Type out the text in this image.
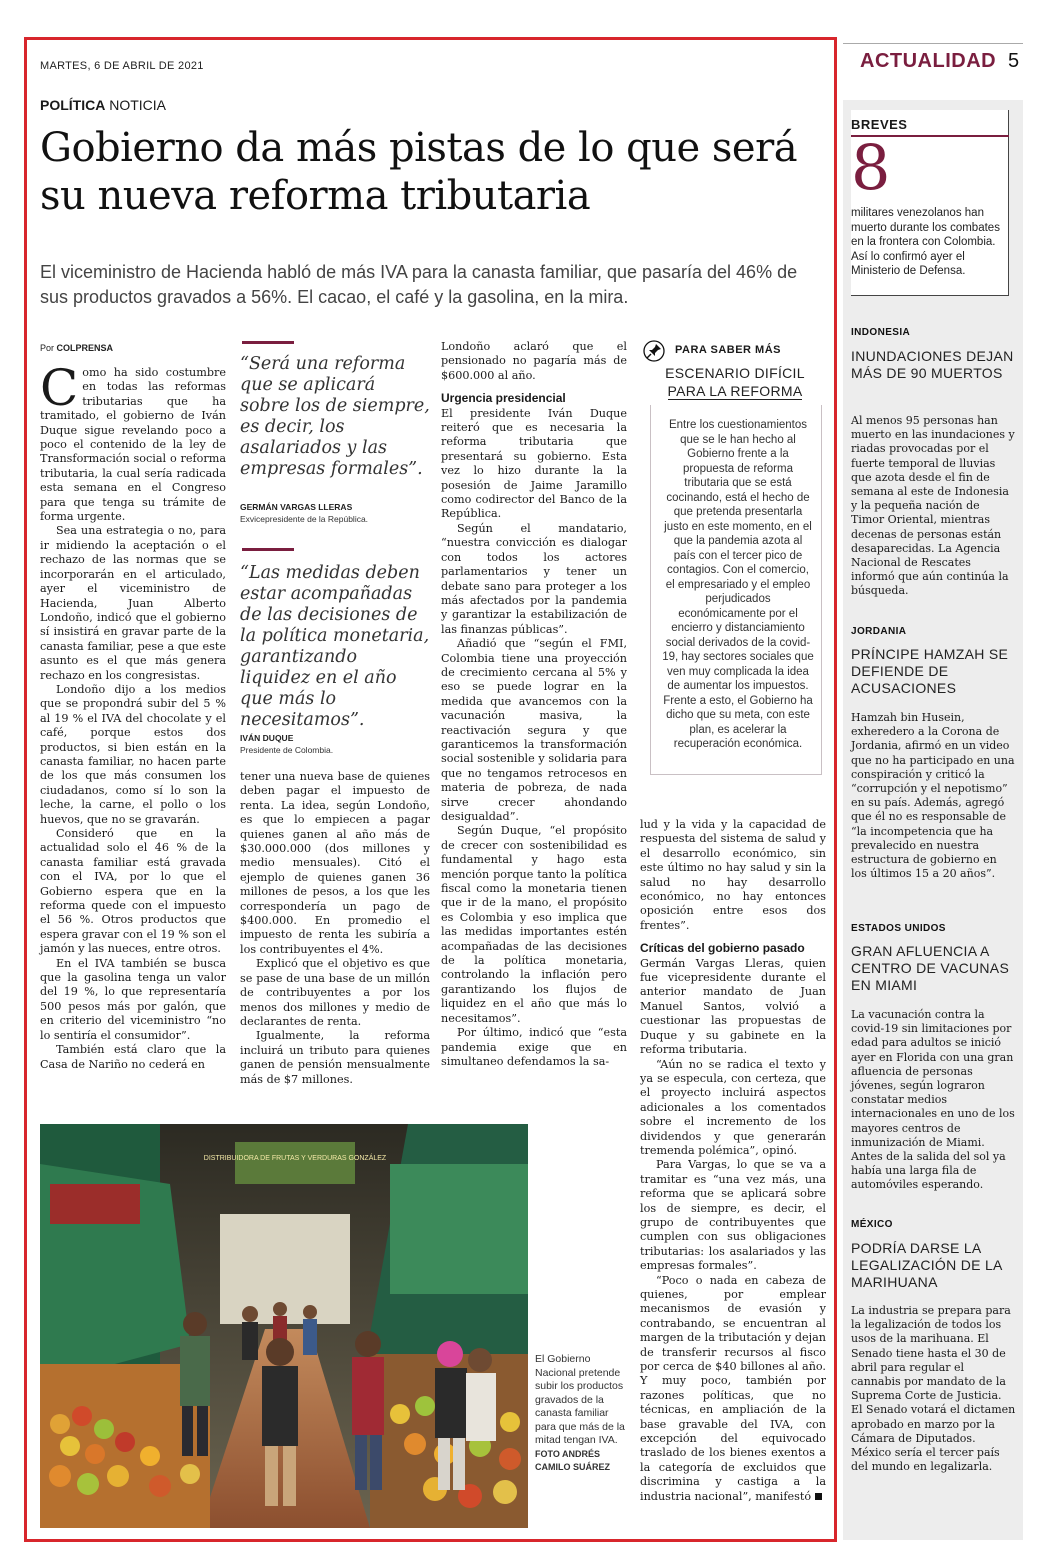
MARTES, 6 DE ABRIL DE 2021	ACTUALIDAD 5
POLÍTICA NOTICIA
Gobierno da más pistas de lo que será su nueva reforma tributaria
El viceministro de Hacienda habló de más IVA para la canasta familiar, que pasaría del 46% de sus productos gravados a 56%. El cacao, el café y la gasolina, en la mira.
Por COLPRENSA

Como ha sido costumbre en todas las reformas tributarias que ha tramitado, el gobierno de Iván Duque sigue revelando poco a poco el contenido de la ley de Transformación social o reforma tributaria, la cual sería radicada esta semana en el Congreso para que tenga su trámite de forma urgente.

Sea una estrategia o no, para ir midiendo la aceptación o el rechazo de las normas que se incorporarán en el articulado, ayer el viceministro de Hacienda, Juan Alberto Londoño, indicó que el gobierno sí insistirá en gravar parte de la canasta familiar, pese a que este asunto es el que más genera rechazo en los congresistas.

Londoño dijo a los medios que se propondrá subir del 5 % al 19 % el IVA del chocolate y el café, porque estos dos productos, si bien están en la canasta familiar, no hacen parte de los que más consumen los ciudadanos, como sí lo son la leche, la carne, el pollo o los huevos, que no se gravarán.

Consideró que en la actualidad solo el 46 % de la canasta familiar está gravada con el IVA, por lo que el Gobierno espera que en la reforma quede con el impuesto el 56 %. Otros productos que espera gravar con el 19 % son el jamón y las nueces, entre otros.

En el IVA también se busca que la gasolina tenga un valor del 19 %, lo que representaría 500 pesos más por galón, que en criterio del viceministro “no lo sentiría el consumidor”.

También está claro que la Casa de Nariño no cederá en

“Será una reforma que se aplicará sobre los de siempre, es decir, los asalariados y las empresas formales”.
GERMÁN VARGAS LLERAS
Exvicepresidente de la República.
“Las medidas deben estar acompañadas de las decisiones de la política monetaria, garantizando liquidez en el año que más lo necesitamos”.
IVÁN DUQUE
Presidente de Colombia.

tener una nueva base de quienes deben pagar el impuesto de renta. La idea, según Londoño, es que lo empiecen a pagar quienes ganen al año más de $30.000.000 (dos millones y medio mensuales). Citó el ejemplo de quienes ganen 36 millones de pesos, a los que les correspondería un pago de $400.000. En promedio el impuesto de renta les subiría a los contribuyentes el 4%.

Explicó que el objetivo es que se pase de una base de un millón de contribuyentes a por los menos dos millones y medio de declarantes de renta.

Igualmente, la reforma incluirá un tributo para quienes ganen de pensión mensualmente más de $7 millones.

Londoño aclaró que el pensionado no pagaría más de $600.000 al año.

Urgencia presidencial

El presidente Iván Duque reiteró que es necesaria la reforma tributaria que presentará su gobierno. Esta vez lo hizo durante la la posesión de Jaime Jaramillo como codirector del Banco de la República.

Según el mandatario, “nuestra convicción es dialogar con todos los actores parlamentarios y tener un debate sano para proteger a los más afectados por la pandemia y garantizar la estabilización de las finanzas públicas”.

Añadió que “según el FMI, Colombia tiene una proyección de crecimiento cercana al 5% y eso se puede lograr en la medida que avancemos con la vacunación masiva, la reactivación segura y que garanticemos la transformación social sostenible y solidaria para que no tengamos retrocesos en materia de pobreza, de nada sirve crecer ahondando desigualdad”.

Según Duque, “el propósito de crecer con sostenibilidad es fundamental y hago esta mención porque tanto la política fiscal como la monetaria tienen que ir de la mano, el propósito es Colombia y eso implica que las medidas importantes estén acompañadas de las decisiones de la política monetaria, controlando la inflación pero garantizando los flujos de liquidez en el año que más lo necesitamos”.

Por último, indicó que “esta pandemia exige que en simultaneo defendamos la sa-

PARA SABER MÁS
ESCENARIO DIFÍCIL
PARA LA REFORMA
Entre los cuestionamientos que se le han hecho al Gobierno frente a la propuesta de reforma tributaria que se está cocinando, está el hecho de que pretenda presentarla justo en este momento, en el que la pandemia azota al país con el tercer pico de contagios. Con el comercio, el empresariado y el empleo perjudicados económicamente por el encierro y distanciamiento social derivados de la covid-19, hay sectores sociales que ven muy complicada la idea de aumentar los impuestos. Frente a esto, el Gobierno ha dicho que su meta, con este plan, es acelerar la recuperación económica.

lud y la vida y la capacidad de respuesta del sistema de salud y el desarrollo económico, sin este último no hay salud y sin la salud no hay desarrollo económico, no hay entonces oposición entre esos dos frentes”.

Críticas del gobierno pasado

Germán Vargas Lleras, quien fue vicepresidente durante el anterior mandato de Juan Manuel Santos, volvió a cuestionar las propuestas de Duque y su gabinete en la reforma tributaria.

“Aún no se radica el texto y ya se especula, con certeza, que el proyecto incluirá aspectos adicionales a los comentados sobre el incremento de los dividendos y que generarán tremenda polémica”, opinó.

Para Vargas, lo que se va a tramitar es “una vez más, una reforma que se aplicará sobre los de siempre, es decir, el grupo de contribuyentes que cumplen con sus obligaciones tributarias: los asalariados y las empresas formales”.

“Poco o nada en cabeza de quienes, por emplear mecanismos de evasión y contrabando, se encuentran al margen de la tributación y dejan de transferir recursos al fisco por cerca de $40 billones al año. Y muy poco, también por razones políticas, que no técnicas, en ampliación de la base gravable del IVA, con excepción del equivocado traslado de los bienes exentos a la categoría de excluidos que discrimina y castiga a la industria nacional”, manifestó

DISTRIBUIDORA DE FRUTAS Y VERDURAS GONZÁLEZ
El Gobierno Nacional pretende subir los productos gravados de la canasta familiar para que más de la mitad tengan IVA. FOTO ANDRÉS CAMILO SUÁREZ
BREVES
8
militares venezolanos han muerto durante los combates en la frontera con Colombia. Así lo confirmó ayer el Ministerio de Defensa.
INDONESIA
INUNDACIONES DEJAN MÁS DE 90 MUERTOS
Al menos 95 personas han muerto en las inundaciones y riadas provocadas por el fuerte temporal de lluvias que azota desde el fin de semana al este de Indonesia y la pequeña nación de Timor Oriental, mientras decenas de personas están desaparecidas. La Agencia Nacional de Rescates informó que aún continúa la búsqueda.
JORDANIA
PRÍNCIPE HAMZAH SE DEFIENDE DE ACUSACIONES
Hamzah bin Husein, exheredero a la Corona de Jordania, afirmó en un video que no ha participado en una conspiración y criticó la “corrupción y el nepotismo” en su país. Además, agregó que él no es responsable de “la incompetencia que ha prevalecido en nuestra estructura de gobierno en los últimos 15 a 20 años”.
ESTADOS UNIDOS
GRAN AFLUENCIA A CENTRO DE VACUNAS EN MIAMI
La vacunación contra la covid-19 sin limitaciones por edad para adultos se inició ayer en Florida con una gran afluencia de personas jóvenes, según lograron constatar medios internacionales en uno de los mayores centros de inmunización de Miami. Antes de la salida del sol ya había una larga fila de automóviles esperando.
MÉXICO
PODRÍA DARSE LA LEGALIZACIÓN DE LA MARIHUANA
La industria se prepara para la legalización de todos los usos de la marihuana. El Senado tiene hasta el 30 de abril para regular el cannabis por mandato de la Suprema Corte de Justicia. El Senado votará el dictamen aprobado en marzo por la Cámara de Diputados. México sería el tercer país del mundo en legalizarla.
